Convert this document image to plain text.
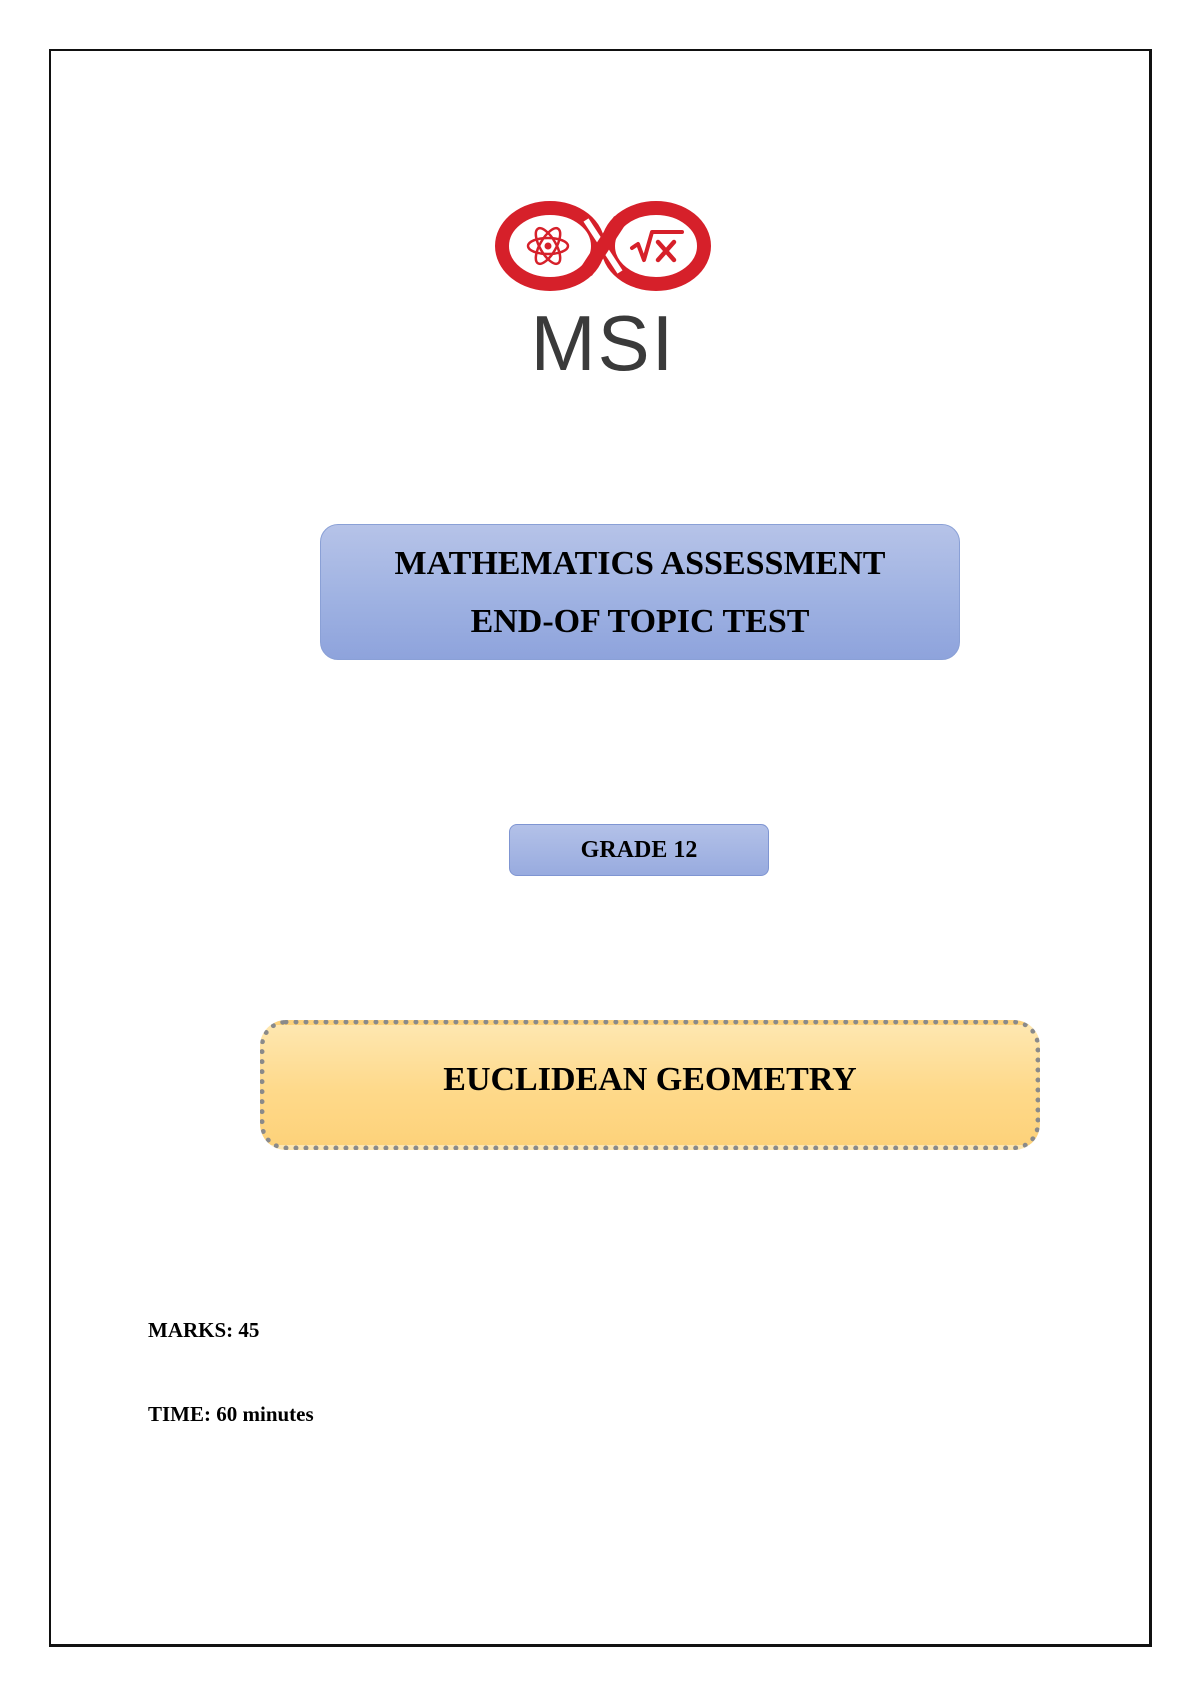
MSI
MATHEMATICS ASSESSMENT
END-OF TOPIC TEST
GRADE 12
EUCLIDEAN GEOMETRY
MARKS: 45
TIME: 60 minutes
